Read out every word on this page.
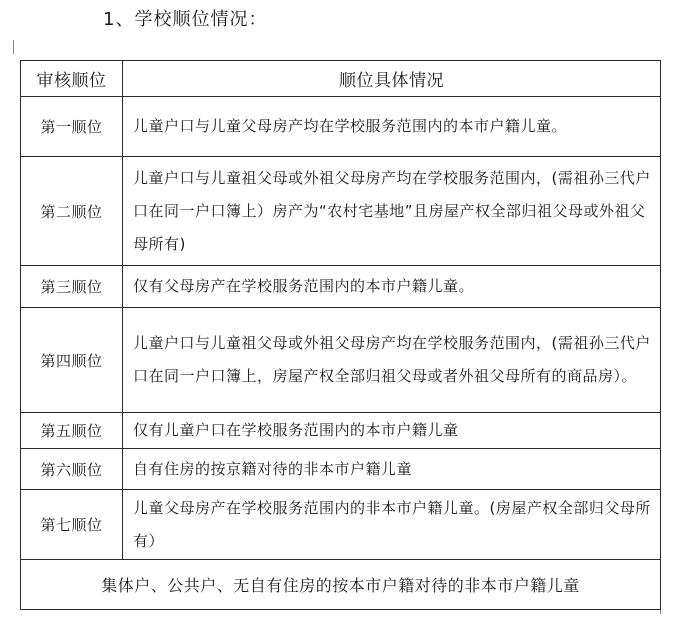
1、学校顺位情况：
审核顺位	顺位具体情况
第一顺位	儿童户口与儿童父母房产均在学校服务范围内的本市户籍儿童。
第二顺位	儿童户口与儿童祖父母或外祖父母房产均在学校服务范围内，(需祖孙三代户口在同一户口簿上）房产为“农村宅基地”且房屋产权全部归祖父母或外祖父母所有)
第三顺位	仅有父母房产在学校服务范围内的本市户籍儿童。
第四顺位	儿童户口与儿童祖父母或外祖父母房产均在学校服务范围内，(需祖孙三代户口在同一户口簿上，房屋产权全部归祖父母或者外祖父母所有的商品房）。
第五顺位	仅有儿童户口在学校服务范围内的本市户籍儿童
第六顺位	自有住房的按京籍对待的非本市户籍儿童
第七顺位	儿童父母房产在学校服务范围内的非本市户籍儿童。(房屋产权全部归父母所有）
集体户、公共户、无自有住房的按本市户籍对待的非本市户籍儿童	
